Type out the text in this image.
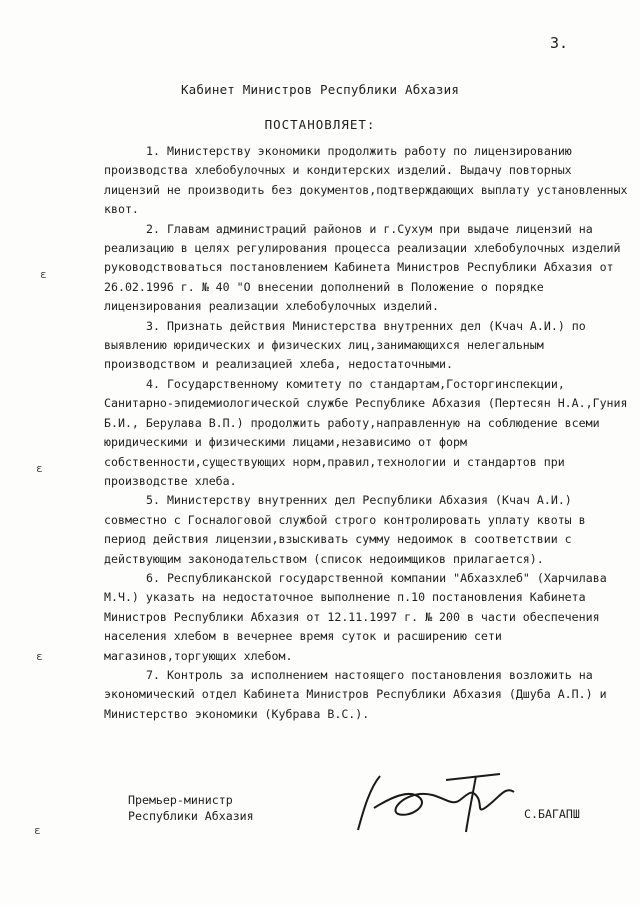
3.
Кабинет Министров Республики Абхазия
ПОСТАНОВЛЯЕТ:

1. Министерству экономики продолжить работу по лицензированию производства хлебобулочных и кондитерских изделий. Выдачу повторных лицензий не производить без документов,подтверждающих выплату установленных квот.

2. Главам администраций районов и г.Сухум при выдаче лицензий на реализацию в целях регулирования процесса реализации хлебобулочных изделий руководствоваться постановлением Кабинета Министров Республики Абхазия от 26.02.1996 г. № 40 "О внесении дополнений в Положение о порядке лицензирования реализации хлебобулочных изделий.

3. Признать действия Министерства внутренних дел (Кчач А.И.) по выявлению юридических и физических лиц,занимающихся нелегальным производством и реализацией хлеба, недостаточными.

4. Государственному комитету по стандартам,Госторгинспекции, Санитарно-эпидемиологической службе Республике Абхазия (Пертесян Н.А.,Гуния Б.И., Берулава В.П.) продолжить работу,направленную на соблюдение всеми юридическими и физическими лицами,независимо от форм собственности,существующих норм,правил,технологии и стандартов при производстве хлеба.

5. Министерству внутренних дел Республики Абхазия (Кчач А.И.) совместно с Госналоговой службой строго контролировать уплату квоты в период действия лицензии,взыскивать сумму недоимок в соответствии с действующим законодательством (список недоимщиков прилагается).

6. Республиканской государственной компании "Абхазхлеб" (Харчилава М.Ч.) указать на недостаточное выполнение п.10 постановления Кабинета Министров Республики Абхазия от 12.11.1997 г. № 200 в части обеспечения населения хлебом в вечернее время суток и расширению сети магазинов,торгующих хлебом.

7. Контроль за исполнением настоящего постановления возложить на экономический отдел Кабинета Министров Республики Абхазия (Дшуба А.П.) и Министерство экономики (Кубрава В.С.).

Премьер-министр
Республики Абхазия	С.БАГАПШ
ε
ε
ε
ε
